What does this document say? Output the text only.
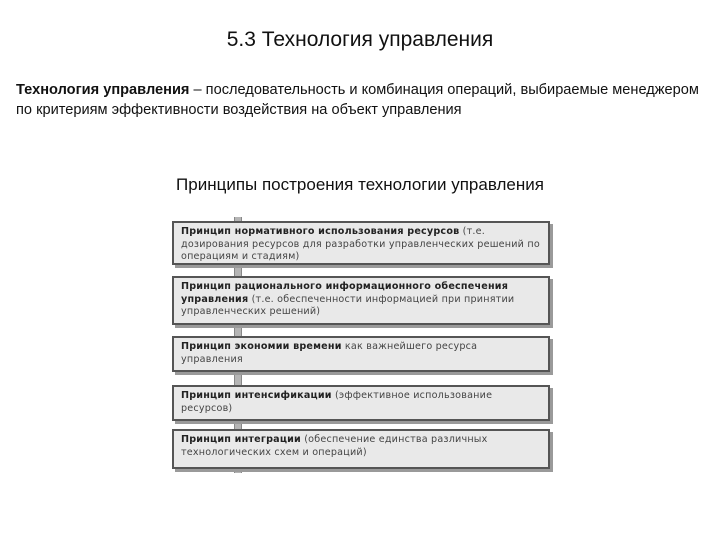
5.3 Технология управления
Технология управления – последовательность и комбинация операций, выбираемые менеджером по критериям эффективности воздействия на объект управления
Принципы построения технологии управления
Принцип нормативного использования ресурсов (т.е. дозирования ресурсов для разработки управленческих решений по операциям и стадиям)
Принцип рационального информационного обеспечения управления (т.е. обеспеченности информацией при принятии управленческих решений)
Принцип экономии времени как важнейшего ресурса управления
Принцип интенсификации (эффективное использование ресурсов)
Принцип интеграции (обеспечение единства различных технологических схем и операций)
